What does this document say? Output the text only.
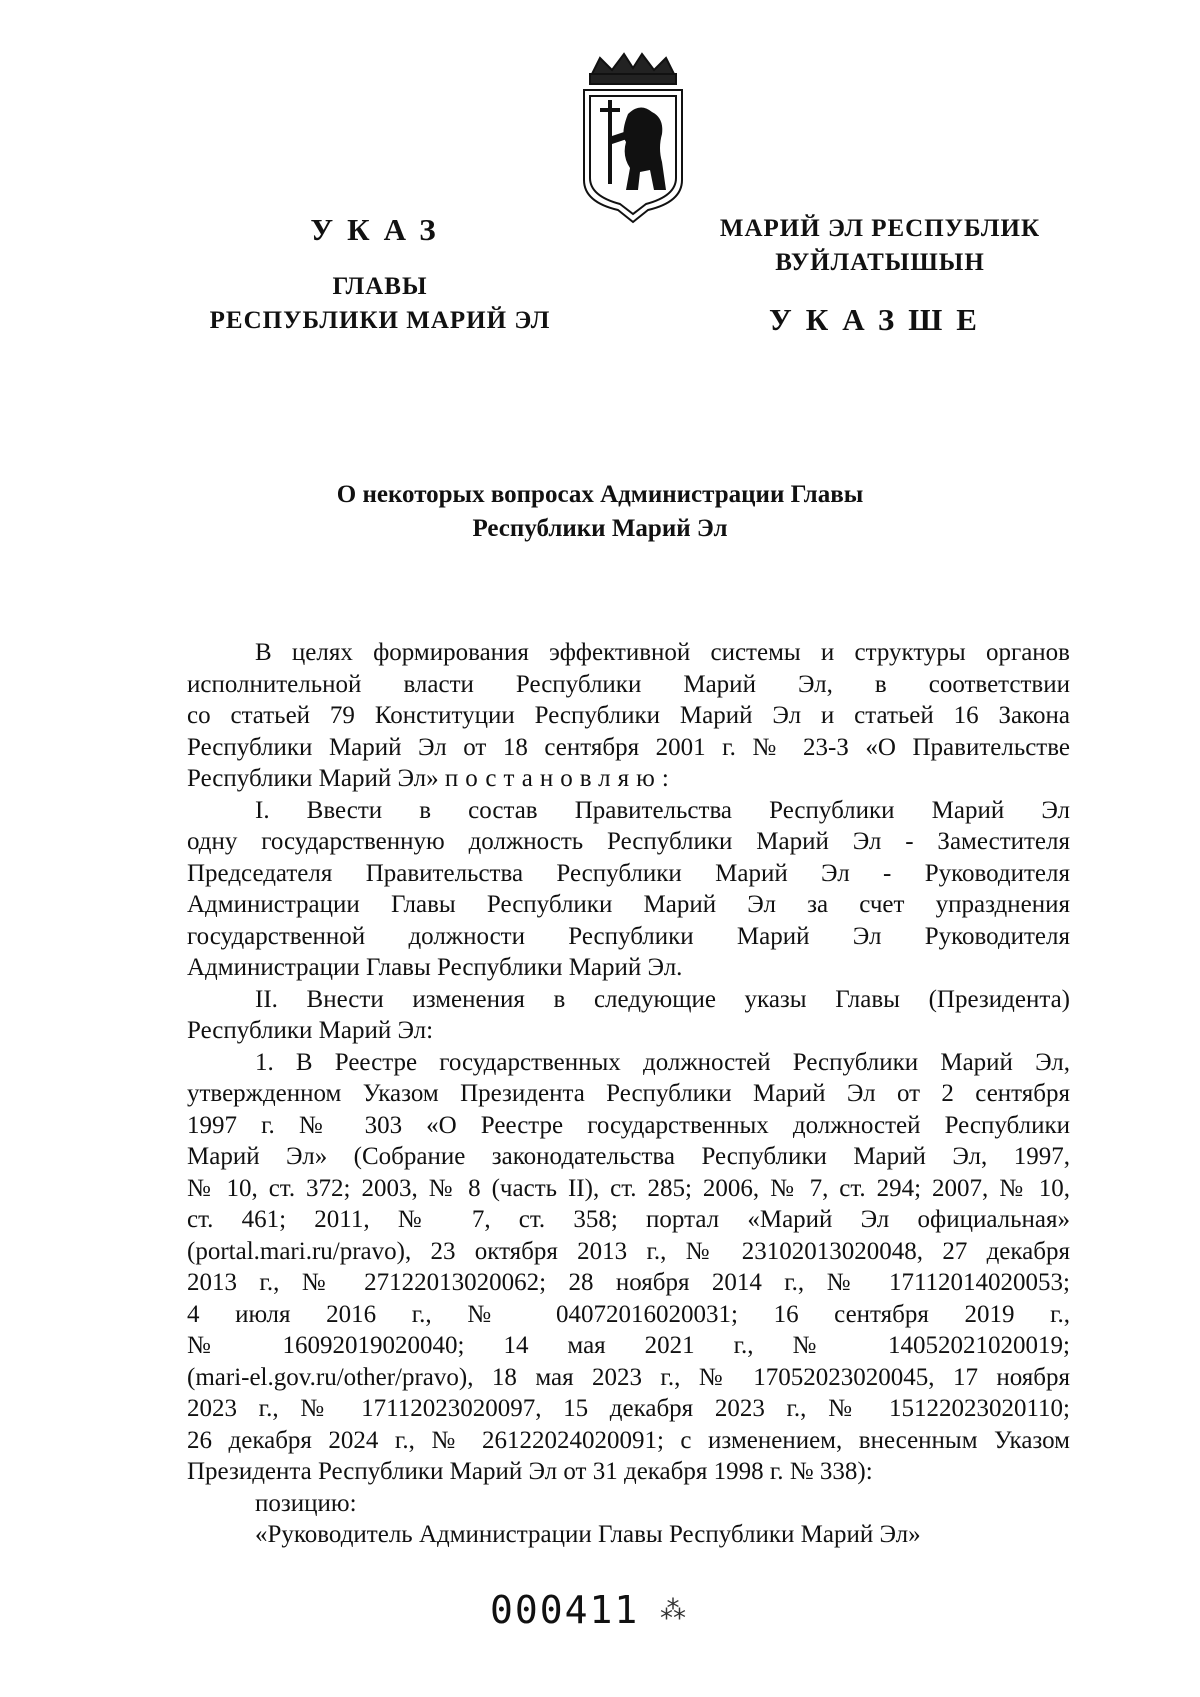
УКАЗ
ГЛАВЫ
РЕСПУБЛИКИ МАРИЙ ЭЛ
МАРИЙ ЭЛ РЕСПУБЛИК
ВУЙЛАТЫШЫН
УКАЗШЕ
О некоторых вопросах Администрации Главы
Республики Марий Эл

В целях формирования эффективной системы и структуры органов

исполнительной власти Республики Марий Эл, в соответствии

со статьей 79 Конституции Республики Марий Эл и статьей 16 Закона

Республики Марий Эл от 18 сентября 2001 г. № 23-З «О Правительстве

Республики Марий Эл» постановляю:

I. Ввести в состав Правительства Республики Марий Эл

одну государственную должность Республики Марий Эл - Заместителя

Председателя Правительства Республики Марий Эл - Руководителя

Администрации Главы Республики Марий Эл за счет упразднения

государственной должности Республики Марий Эл Руководителя

Администрации Главы Республики Марий Эл.

II. Внести изменения в следующие указы Главы (Президента)

Республики Марий Эл:

1. В Реестре государственных должностей Республики Марий Эл,

утвержденном Указом Президента Республики Марий Эл от 2 сентября

1997 г. № 303 «О Реестре государственных должностей Республики

Марий Эл» (Собрание законодательства Республики Марий Эл, 1997,

№ 10, ст. 372; 2003, № 8 (часть II), ст. 285; 2006, № 7, ст. 294; 2007, № 10,

ст. 461; 2011, № 7, ст. 358; портал «Марий Эл официальная»

(portal.mari.ru/pravo), 23 октября 2013 г., № 23102013020048, 27 декабря

2013 г., № 27122013020062; 28 ноября 2014 г., № 17112014020053;

4 июля 2016 г., № 04072016020031; 16 сентября 2019 г.,

№ 16092019020040; 14 мая 2021 г., № 14052021020019;

(mari-el.gov.ru/other/pravo), 18 мая 2023 г., № 17052023020045, 17 ноября

2023 г., № 17112023020097, 15 декабря 2023 г., № 15122023020110;

26 декабря 2024 г., № 26122024020091; с изменением, внесенным Указом

Президента Республики Марий Эл от 31 декабря 1998 г. № 338):

позицию:

«Руководитель Администрации Главы Республики Марий Эл»

000411 ⁂
